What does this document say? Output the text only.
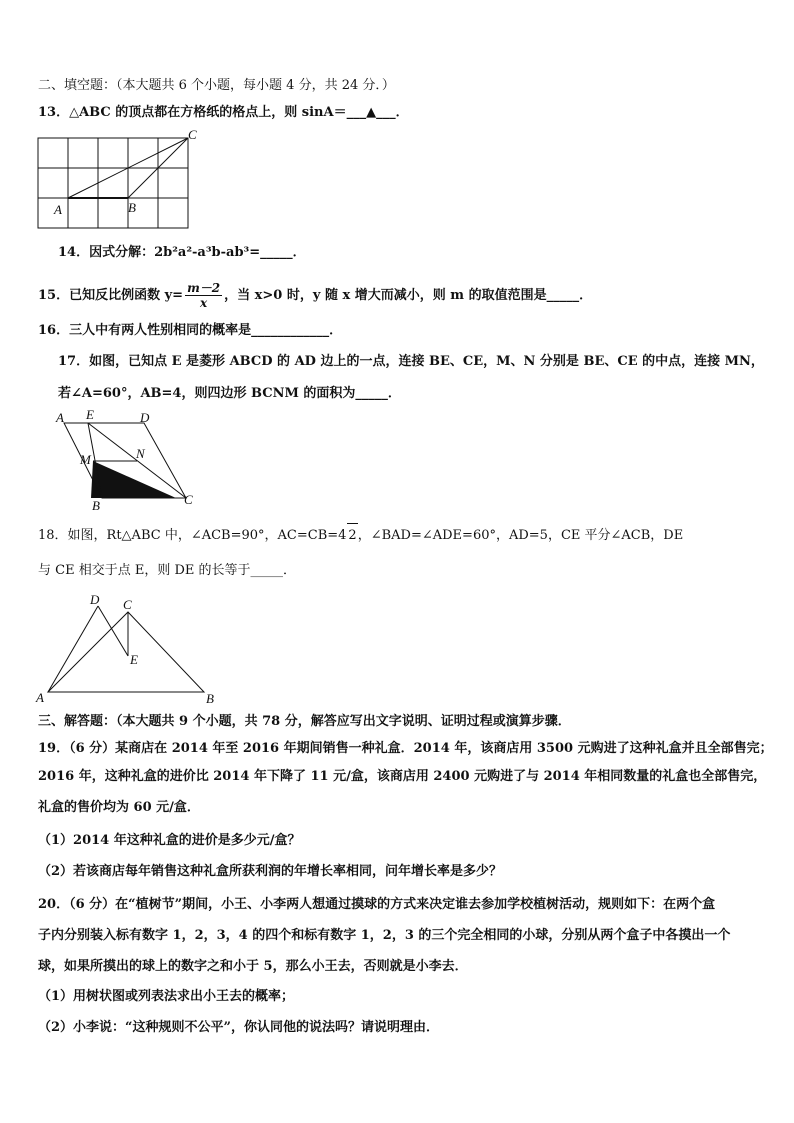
二、填空题：（本大题共 6 个小题，每小题 4 分，共 24 分．）
13．△ABC 的顶点都在方格纸的格点上，则 sinA＝___▲___．
A	B
C
14．因式分解：2b²a²-a³b-ab³=_____．
15．已知反比例函数 $y= \frac{m-2}{x}$ ，当 x>0 时，y 随 x 增大而减小，则 m 的取值范围是_____．
16．三人中有两人性别相同的概率是____________．
17．如图，已知点 E 是菱形 ABCD 的 AD 边上的一点，连接 BE、CE，M、N 分别是 BE、CE 的中点，连接 MN，
若∠A=60°，AB=4，则四边形 BCNM 的面积为_____．
A E	D
M	N
B	C
18．如图，Rt△ABC 中，∠ACB=90°，AC=CB=4 2，∠BAD=∠ADE=60°，AD=5，CE 平分∠ACB，DE
与 CE 相交于点 E，则 DE 的长等于_____．
D C
E
A	B
三、解答题：（本大题共 9 个小题，共 78 分，解答应写出文字说明、证明过程或演算步骤．
19．（6 分）某商店在 2014 年至 2016 年期间销售一种礼盒．2014 年，该商店用 3500 元购进了这种礼盒并且全部售完；
2016 年，这种礼盒的进价比 2014 年下降了 11 元/盒，该商店用 2400 元购进了与 2014 年相同数量的礼盒也全部售完，
礼盒的售价均为 60 元/盒．
（1）2014 年这种礼盒的进价是多少元/盒？
（2）若该商店每年销售这种礼盒所获利润的年增长率相同，问年增长率是多少？
20．（6 分）在“植树节”期间，小王、小李两人想通过摸球的方式来决定谁去参加学校植树活动，规则如下：在两个盒
子内分别装入标有数字 1，2，3，4 的四个和标有数字 1，2，3 的三个完全相同的小球，分别从两个盒子中各摸出一个
球，如果所摸出的球上的数字之和小于 5，那么小王去，否则就是小李去．
（1）用树状图或列表法求出小王去的概率；
（2）小李说：“这种规则不公平”，你认同他的说法吗？请说明理由．
